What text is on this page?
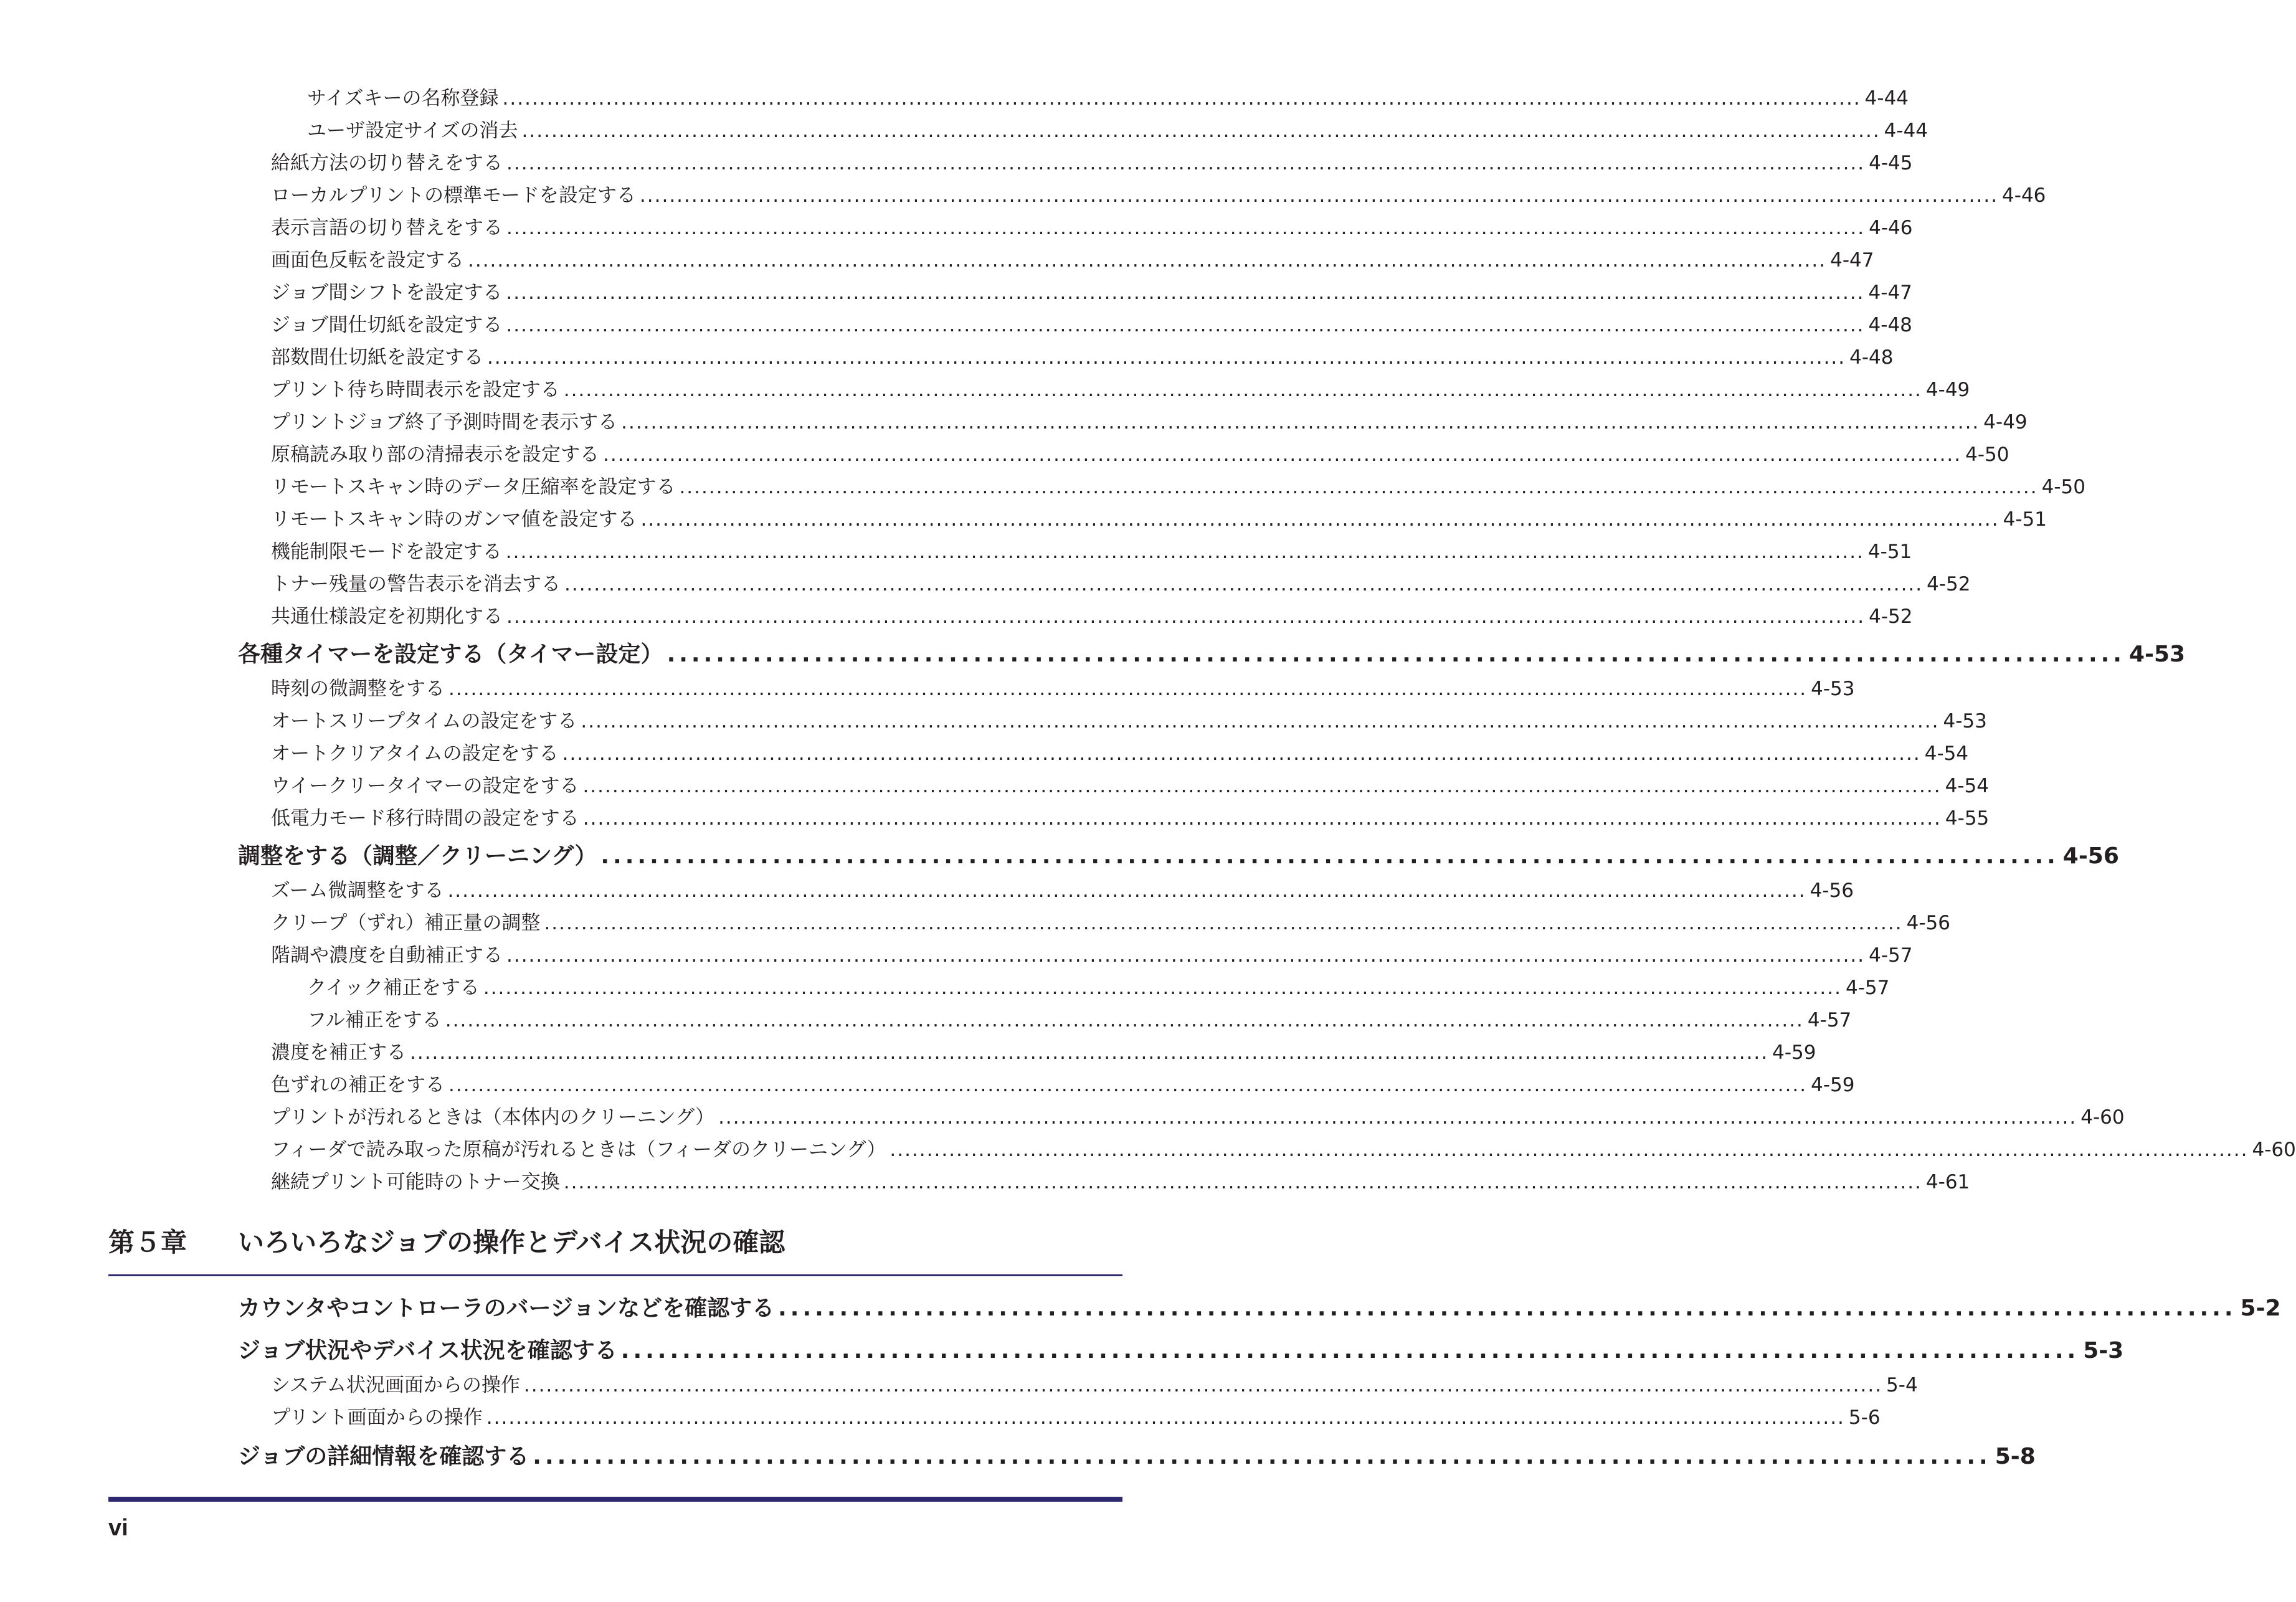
サイズキーの名称登録 ........................................................................................................................................................................................ 4-44
ユーザ設定サイズの消去 ........................................................................................................................................................................................ 4-44
給紙方法の切り替えをする ........................................................................................................................................................................................ 4-45
ローカルプリントの標準モードを設定する ........................................................................................................................................................................................ 4-46
表示言語の切り替えをする ........................................................................................................................................................................................ 4-46
画面色反転を設定する ........................................................................................................................................................................................ 4-47
ジョブ間シフトを設定する ........................................................................................................................................................................................ 4-47
ジョブ間仕切紙を設定する ........................................................................................................................................................................................ 4-48
部数間仕切紙を設定する ........................................................................................................................................................................................ 4-48
プリント待ち時間表示を設定する ........................................................................................................................................................................................ 4-49
プリントジョブ終了予測時間を表示する ........................................................................................................................................................................................ 4-49
原稿読み取り部の清掃表示を設定する ........................................................................................................................................................................................ 4-50
リモートスキャン時のデータ圧縮率を設定する ........................................................................................................................................................................................ 4-50
リモートスキャン時のガンマ値を設定する ........................................................................................................................................................................................ 4-51
機能制限モードを設定する ........................................................................................................................................................................................ 4-51
トナー残量の警告表示を消去する ........................................................................................................................................................................................ 4-52
共通仕様設定を初期化する ........................................................................................................................................................................................ 4-52
各種タイマーを設定する（タイマー設定） ....................................................................................................................... 4-53
時刻の微調整をする ........................................................................................................................................................................................ 4-53
オートスリープタイムの設定をする ........................................................................................................................................................................................ 4-53
オートクリアタイムの設定をする ........................................................................................................................................................................................ 4-54
ウイークリータイマーの設定をする ........................................................................................................................................................................................ 4-54
低電力モード移行時間の設定をする ........................................................................................................................................................................................ 4-55
調整をする（調整／クリーニング） ....................................................................................................................... 4-56
ズーム微調整をする ........................................................................................................................................................................................ 4-56
クリープ（ずれ）補正量の調整 ........................................................................................................................................................................................ 4-56
階調や濃度を自動補正する ........................................................................................................................................................................................ 4-57
クイック補正をする ........................................................................................................................................................................................ 4-57
フル補正をする ........................................................................................................................................................................................ 4-57
濃度を補正する ........................................................................................................................................................................................ 4-59
色ずれの補正をする ........................................................................................................................................................................................ 4-59
プリントが汚れるときは（本体内のクリーニング） ........................................................................................................................................................................................ 4-60
フィーダで読み取った原稿が汚れるときは（フィーダのクリーニング） ........................................................................................................................................................................................ 4-60
継続プリント可能時のトナー交換 ........................................................................................................................................................................................ 4-61
第５章 いろいろなジョブの操作とデバイス状況の確認
カウンタやコントローラのバージョンなどを確認する ....................................................................................................................... 5-2
ジョブ状況やデバイス状況を確認する ....................................................................................................................... 5-3
システム状況画面からの操作 ........................................................................................................................................................................................ 5-4
プリント画面からの操作 ........................................................................................................................................................................................ 5-6
ジョブの詳細情報を確認する ....................................................................................................................... 5-8
vi
